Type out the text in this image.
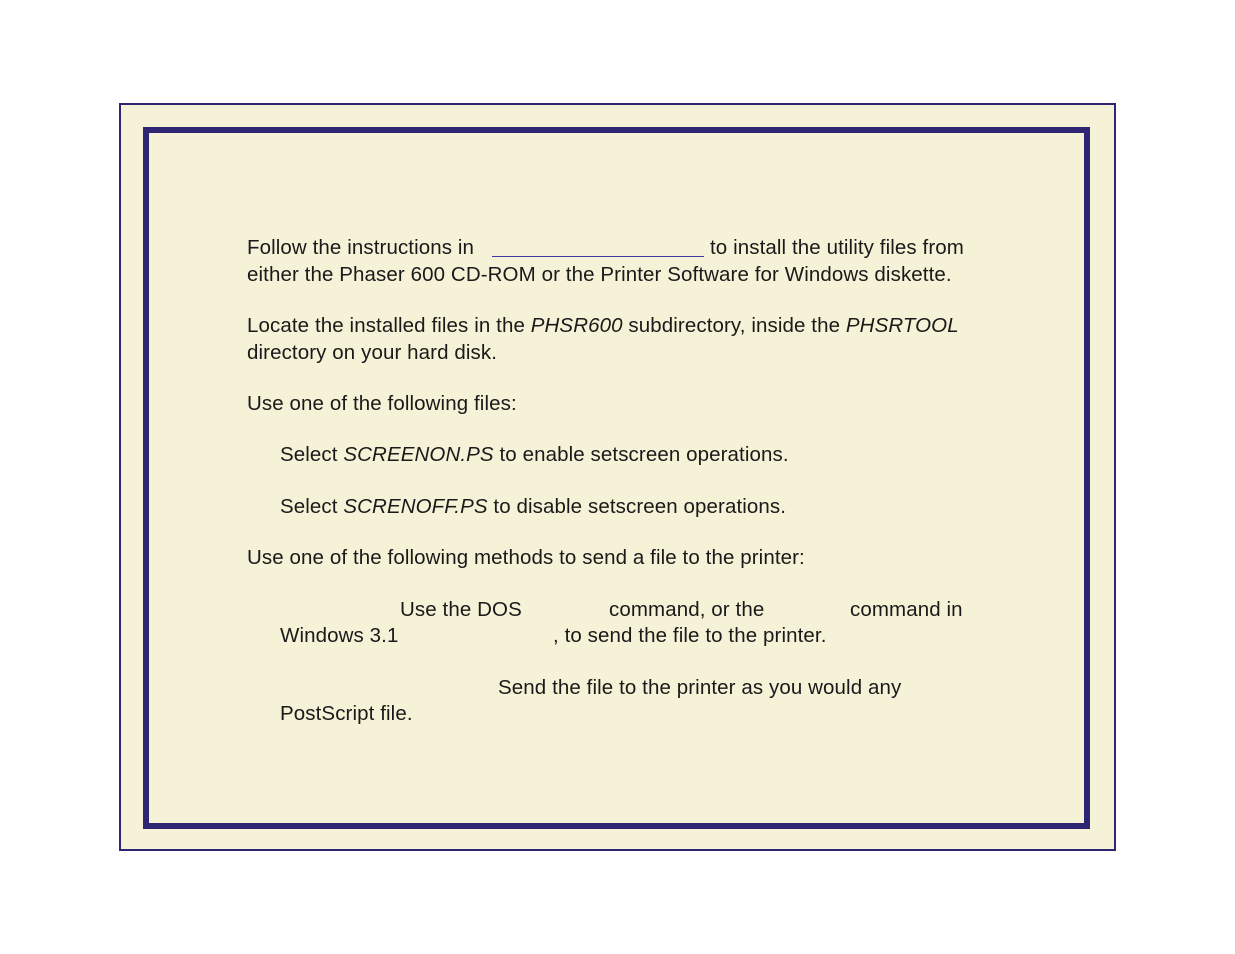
Follow the instructions in	to install the utility files from
either the Phaser 600 CD-ROM or the Printer Software for Windows diskette.
Locate the installed files in the PHSR600 subdirectory, inside the PHSRTOOL
directory on your hard disk.
Use one of the following files:
Select SCREENON.PS to enable setscreen operations.
Select SCRENOFF.PS to disable setscreen operations.
Use one of the following methods to send a file to the printer:
Use the DOS	command, or the	command in
Windows 3.1	, to send the file to the printer.
Send the file to the printer as you would any
PostScript file.
